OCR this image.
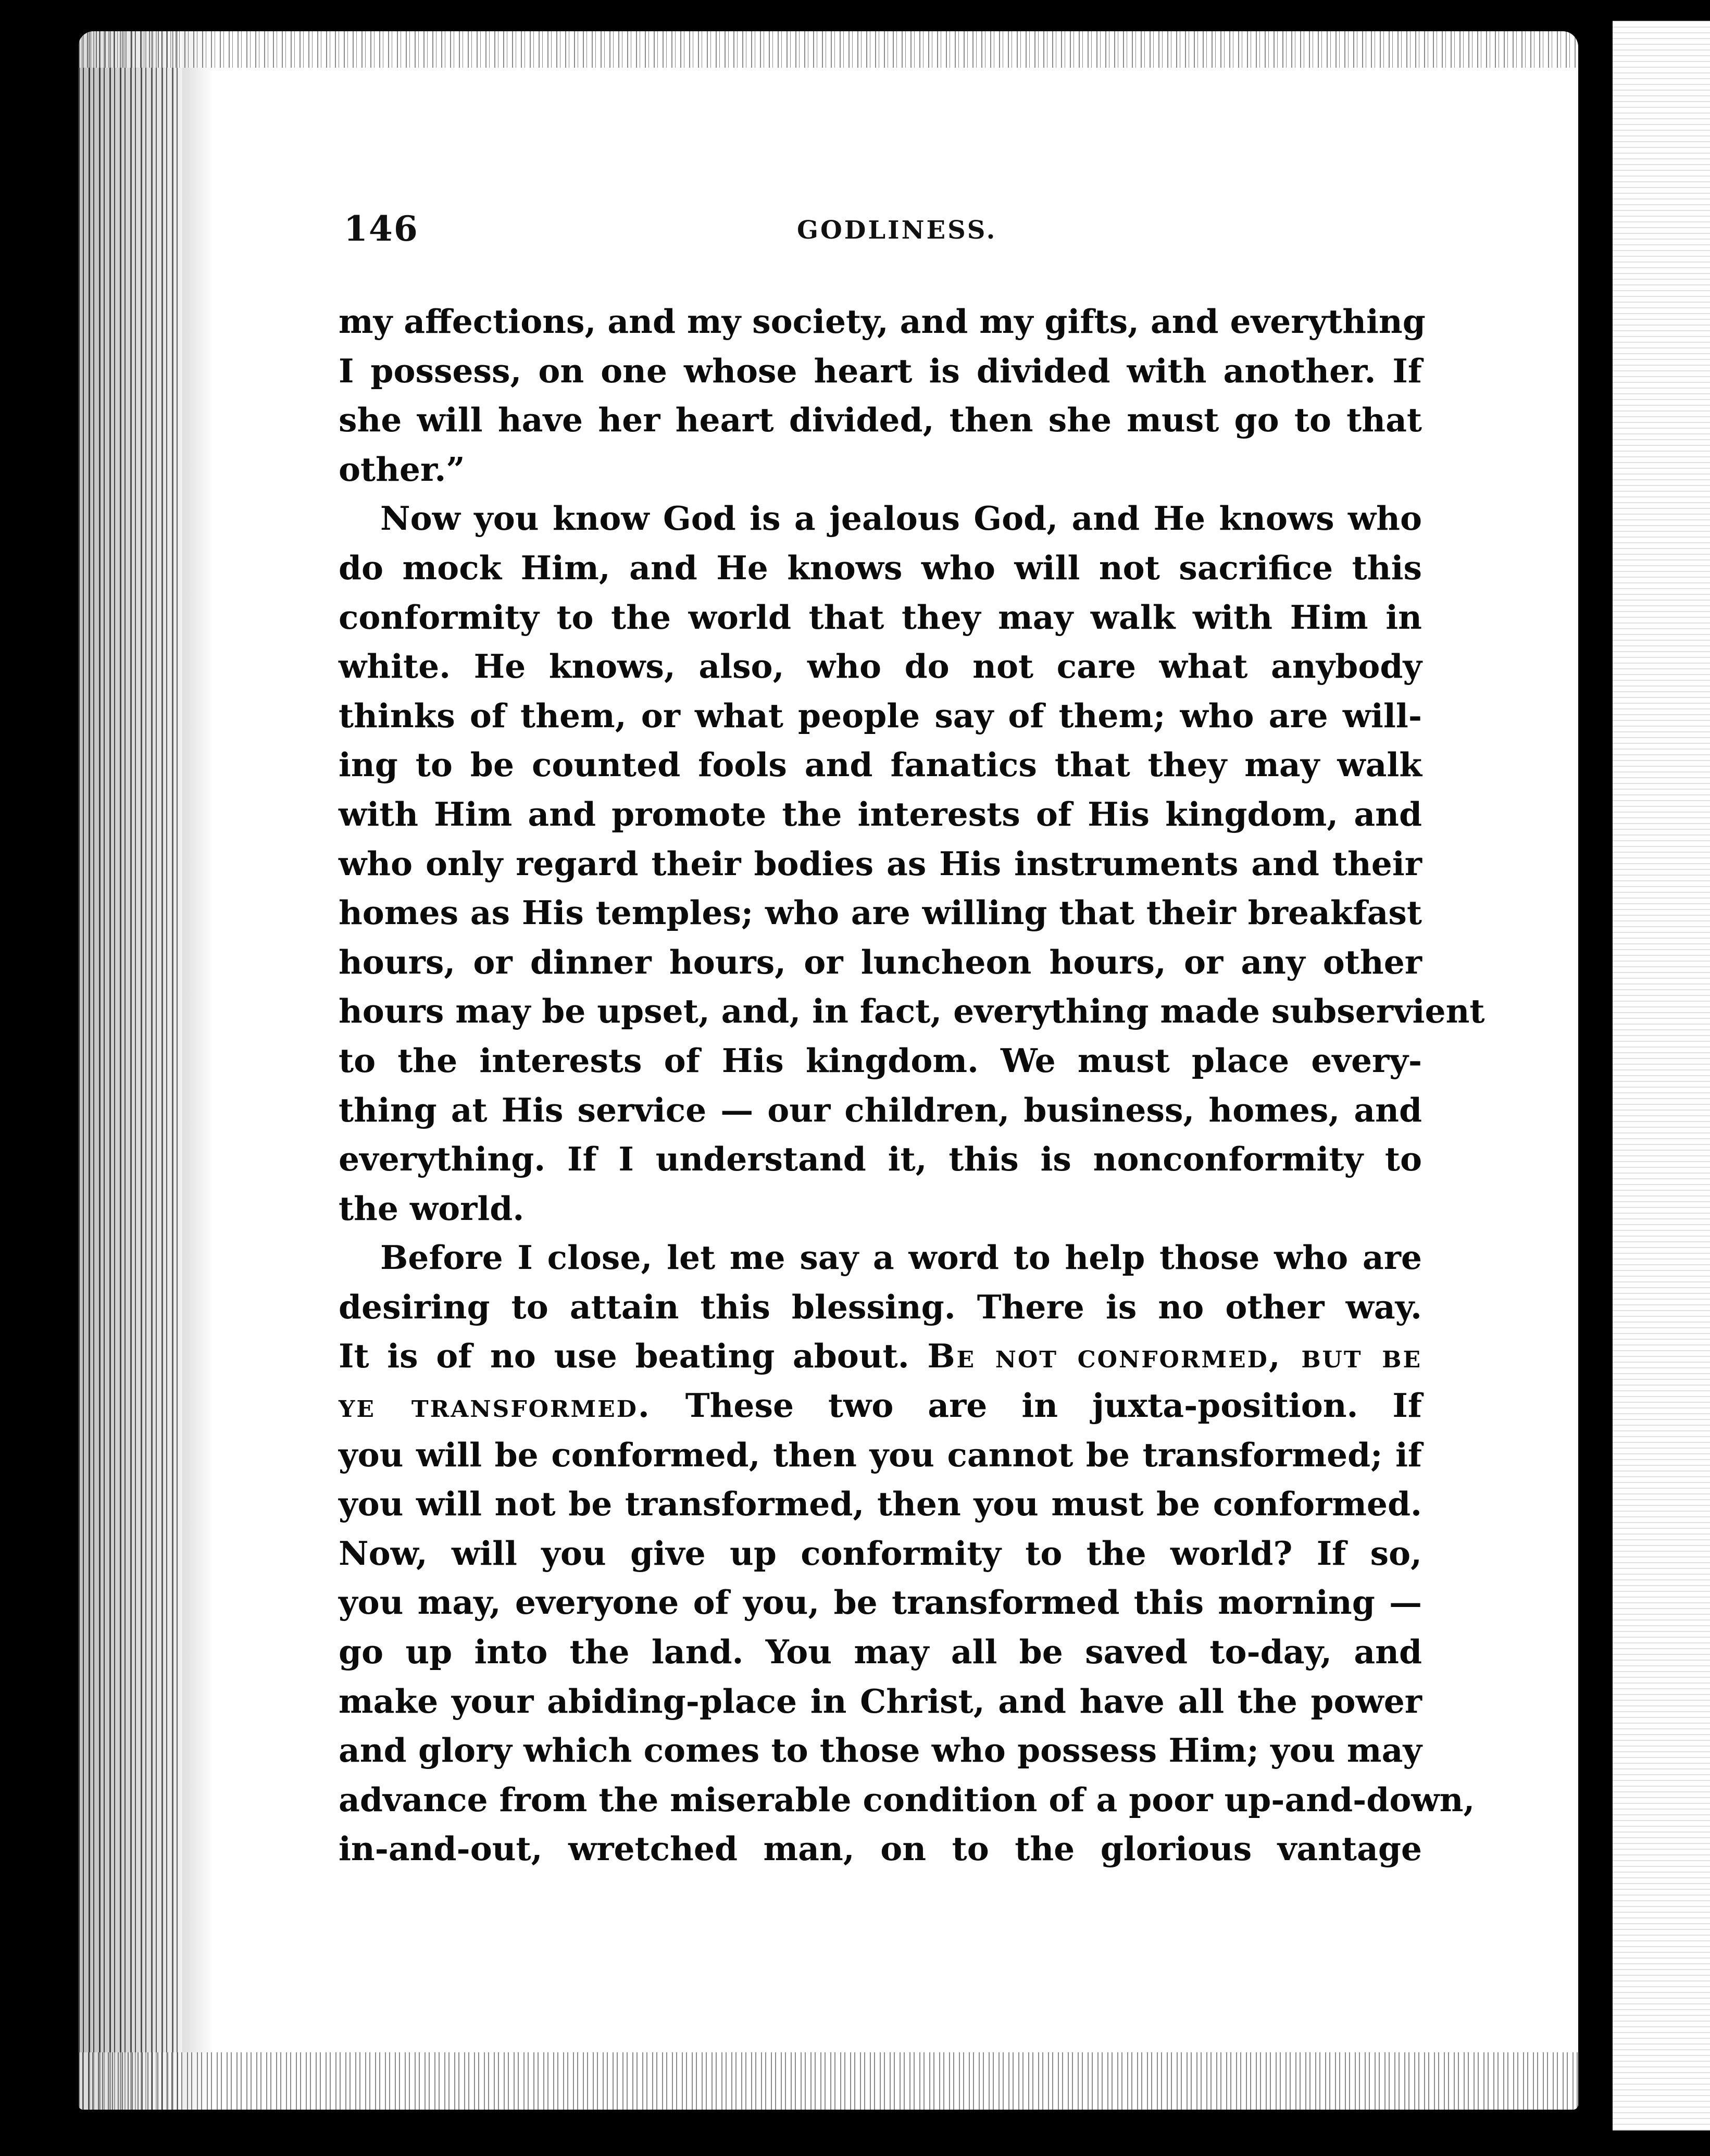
146	GODLINESS.

my affections, and my society, and my gifts, and everything
I possess, on one whose heart is divided with another. If
she will have her heart divided, then she must go to that
other.”

Now you know God is a jealous God, and He knows who
do mock Him, and He knows who will not sacrifice this
conformity to the world that they may walk with Him in
white. He knows, also, who do not care what anybody
thinks of them, or what people say of them; who are will-
ing to be counted fools and fanatics that they may walk
with Him and promote the interests of His kingdom, and
who only regard their bodies as His instruments and their
homes as His temples; who are willing that their breakfast
hours, or dinner hours, or luncheon hours, or any other
hours may be upset, and, in fact, everything made subservient
to the interests of His kingdom. We must place every-
thing at His service — our children, business, homes, and
everything. If I understand it, this is nonconformity to
the world.

Before I close, let me say a word to help those who are
desiring to attain this blessing. There is no other way.
It is of no use beating about. Be not conformed, but be
ye transformed. These two are in juxta-position. If
you will be conformed, then you cannot be transformed; if
you will not be transformed, then you must be conformed.
Now, will you give up conformity to the world? If so,
you may, everyone of you, be transformed this morning —
go up into the land. You may all be saved to-day, and
make your abiding-place in Christ, and have all the power
and glory which comes to those who possess Him; you may
advance from the miserable condition of a poor up-and-down,
in-and-out, wretched man, on to the glorious vantage
